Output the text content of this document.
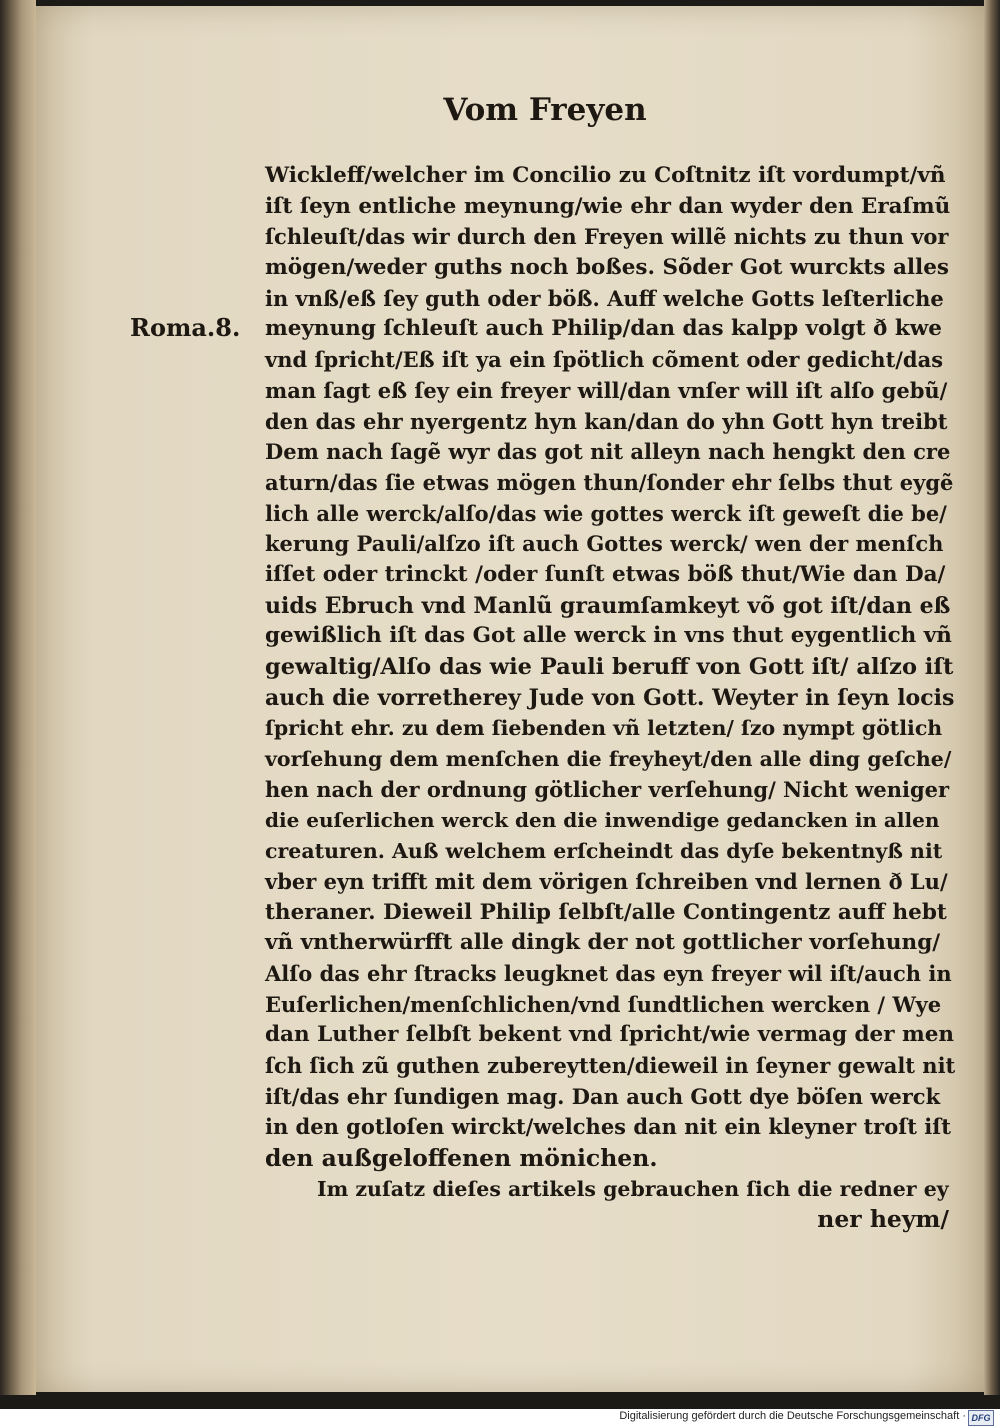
Vom Freyen
Roma.8.
Wickleff/welcher im Concilio zu Coſtnitz iſt vordumpt/vñ
iſt ſeyn entliche meynung/wie ehr dan wyder den Eraſmũ
ſchleuſt/das wir durch den Freyen willẽ nichts zu thun vor
mögen/weder guths noch boßes. Sõder Got wurckts alles
in vnß/eß ſey guth oder böß. Auff welche Gotts leſterliche
meynung ſchleuſt auch Philip/dan das kalpp volgt ð kwe
vnd ſpricht/Eß iſt ya ein ſpötlich cõment oder gedicht/das
man ſagt eß ſey ein freyer will/dan vnſer will iſt alſo gebũ/
den das ehr nyergentz hyn kan/dan do yhn Gott hyn treibt
Dem nach ſagẽ wyr das got nit alleyn nach hengkt den cre
aturn/das ſie etwas mögen thun/ſonder ehr ſelbs thut eygẽ
lich alle werck/alſo/das wie gottes werck iſt geweſt die be/
kerung Pauli/alſzo iſt auch Gottes werck/ wen der menſch
iſſet oder trinckt /oder ſunſt etwas böß thut/Wie dan Da/
uids Ebruch vnd Manlũ graumſamkeyt võ got iſt/dan eß
gewißlich iſt das Got alle werck in vns thut eygentlich vñ
gewaltig/Alſo das wie Pauli beruff von Gott iſt/ alſzo iſt
auch die vorretherey Jude von Gott. Weyter in ſeyn locis
ſpricht ehr. zu dem ſiebenden vñ letzten/ ſzo nympt götlich
vorſehung dem menſchen die freyheyt/den alle ding geſche/
hen nach der ordnung götlicher verſehung/ Nicht weniger
die euſerlichen werck den die inwendige gedancken in allen
creaturen. Auß welchem erſcheindt das dyſe bekentnyß nit
vber eyn trifft mit dem vörigen ſchreiben vnd lernen ð Lu/
theraner. Dieweil Philip ſelbſt/alle Contingentz auff hebt
vñ vntherwürfft alle dingk der not gottlicher vorſehung/
Alſo das ehr ſtracks leugknet das eyn freyer wil iſt/auch in
Euſerlichen/menſchlichen/vnd ſundtlichen wercken / Wye
dan Luther ſelbſt bekent vnd ſpricht/wie vermag der men
ſch ſich zũ guthen zubereytten/dieweil in ſeyner gewalt nit
iſt/das ehr ſundigen mag. Dan auch Gott dye böſen werck
in den gotloſen wirckt/welches dan nit ein kleyner troſt iſt
den außgeloffenen mönichen.
Im zuſatz dieſes artikels gebrauchen ſich die redner ey
ner heym/
Digitalisierung gefördert durch die Deutsche Forschungsgemeinschaft · DFG
